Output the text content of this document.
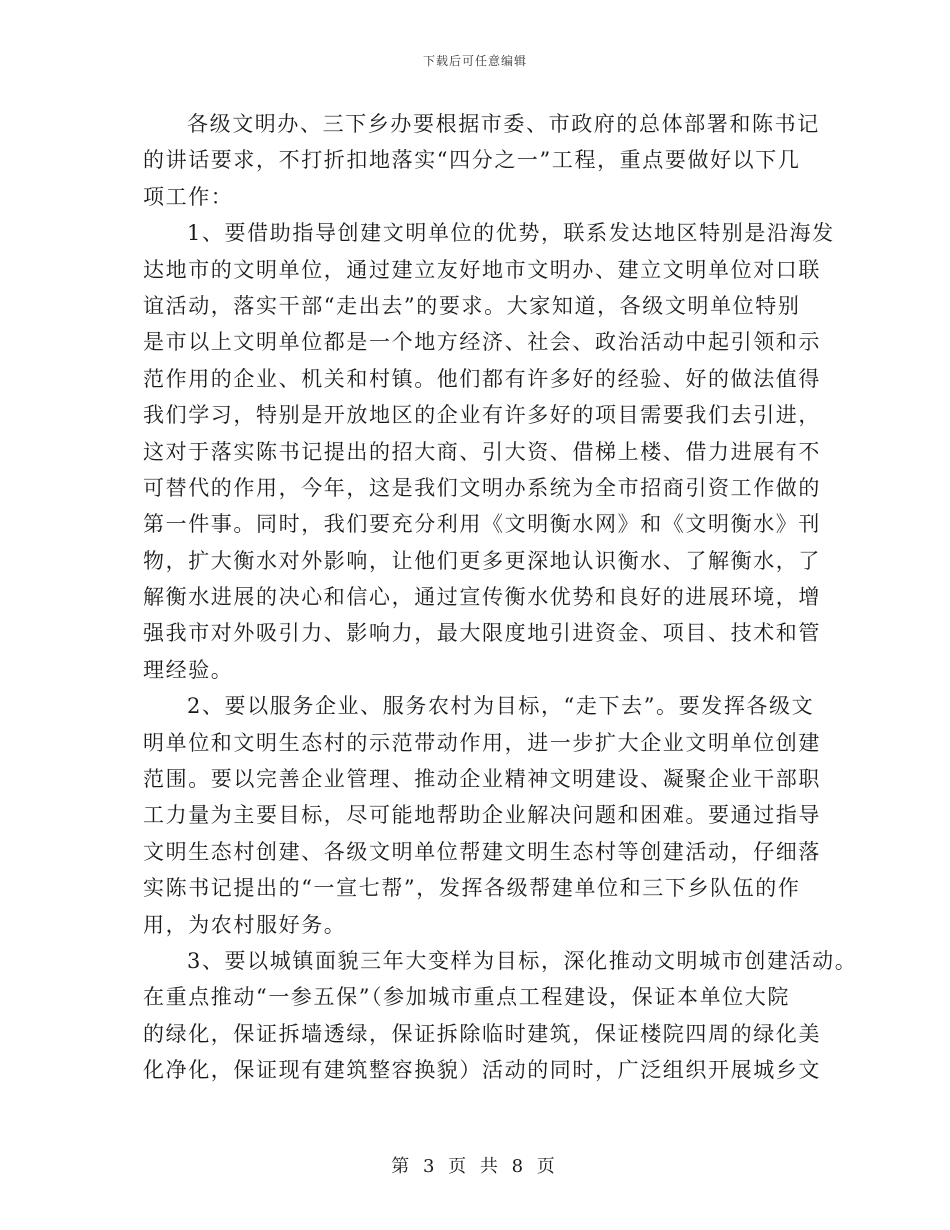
下载后可任意编辑
各级文明办、三下乡办要根据市委、市政府的总体部署和陈书记
的讲话要求，不打折扣地落实“四分之一”工程，重点要做好以下几
项工作：
1、要借助指导创建文明单位的优势，联系发达地区特别是沿海发
达地市的文明单位，通过建立友好地市文明办、建立文明单位对口联
谊活动，落实干部“走出去”的要求。大家知道，各级文明单位特别
是市以上文明单位都是一个地方经济、社会、政治活动中起引领和示
范作用的企业、机关和村镇。他们都有许多好的经验、好的做法值得
我们学习，特别是开放地区的企业有许多好的项目需要我们去引进，
这对于落实陈书记提出的招大商、引大资、借梯上楼、借力进展有不
可替代的作用，今年，这是我们文明办系统为全市招商引资工作做的
第一件事。同时，我们要充分利用《文明衡水网》和《文明衡水》刊
物，扩大衡水对外影响，让他们更多更深地认识衡水、了解衡水，了
解衡水进展的决心和信心，通过宣传衡水优势和良好的进展环境，增
强我市对外吸引力、影响力，最大限度地引进资金、项目、技术和管
理经验。
2、要以服务企业、服务农村为目标，“走下去”。要发挥各级文
明单位和文明生态村的示范带动作用，进一步扩大企业文明单位创建
范围。要以完善企业管理、推动企业精神文明建设、凝聚企业干部职
工力量为主要目标，尽可能地帮助企业解决问题和困难。要通过指导
文明生态村创建、各级文明单位帮建文明生态村等创建活动，仔细落
实陈书记提出的“一宣七帮”，发挥各级帮建单位和三下乡队伍的作
用，为农村服好务。
3、要以城镇面貌三年大变样为目标，深化推动文明城市创建活动。
在重点推动“一参五保”（参加城市重点工程建设，保证本单位大院
的绿化，保证拆墙透绿，保证拆除临时建筑，保证楼院四周的绿化美
化净化，保证现有建筑整容换貌）活动的同时，广泛组织开展城乡文
第 3 页 共 8 页
